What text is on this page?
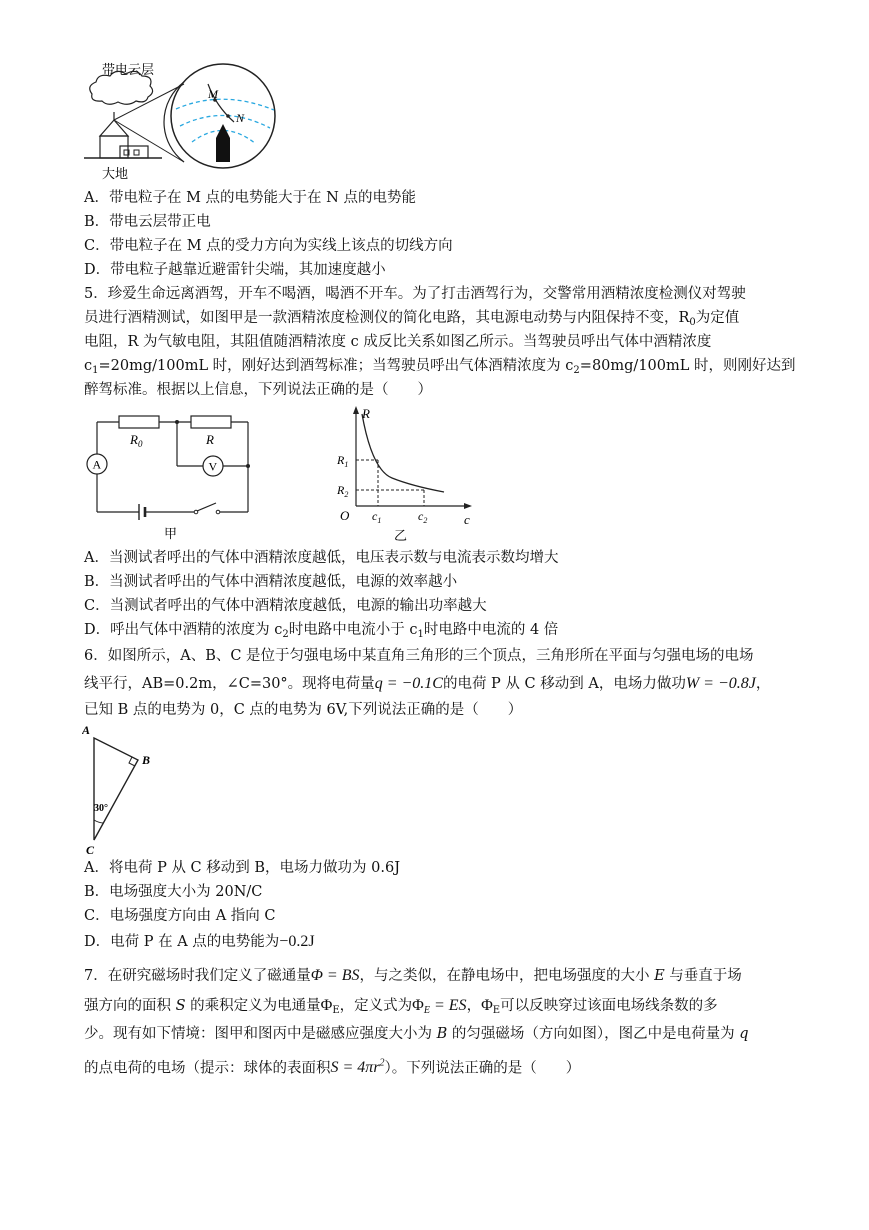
带电云层
大地
M
N
A．带电粒子在 M 点的电势能大于在 N 点的电势能
B．带电云层带正电
C．带电粒子在 M 点的受力方向为实线上该点的切线方向
D．带电粒子越靠近避雷针尖端，其加速度越小
5．珍爱生命远离酒驾，开车不喝酒，喝酒不开车。为了打击酒驾行为，交警常用酒精浓度检测仪对驾驶
员进行酒精测试，如图甲是一款酒精浓度检测仪的简化电路，其电源电动势与内阻保持不变，$R_0$为定值
电阻，R 为气敏电阻，其阻值随酒精浓度 c 成反比关系如图乙所示。当驾驶员呼出气体中酒精浓度
$c_1=20mg/100mL$ 时，刚好达到酒驾标准；当驾驶员呼出气体酒精浓度为 $c_2=80mg/100mL$ 时，则刚好达到
醉驾标准。根据以上信息，下列说法正确的是（　　）
$R_0$	R
A	V
甲
R
c
O
$R_1$
$R_2$
$c_1$	$c_2$
乙
A．当测试者呼出的气体中酒精浓度越低，电压表示数与电流表示数均增大
B．当测试者呼出的气体中酒精浓度越低，电源的效率越小
C．当测试者呼出的气体中酒精浓度越低，电源的输出功率越大
D．呼出气体中酒精的浓度为 $c_2$时电路中电流小于 $c_1$时电路中电流的 4 倍
6．如图所示，A、B、C 是位于匀强电场中某直角三角形的三个顶点，三角形所在平面与匀强电场的电场
线平行，AB=0.2m，∠C=30°。现将电荷量q = −0.1C的电荷 P 从 C 移动到 A，电场力做功W = −0.8J，
已知 B 点的电势为 0，C 点的电势为 6V,下列说法正确的是（　　）
A
B
C
30°
A．将电荷 P 从 C 移动到 B，电场力做功为 0.6J
B．电场强度大小为 20N/C
C．电场强度方向由 A 指向 C
D．电荷 P 在 A 点的电势能为−0.2J
7．在研究磁场时我们定义了磁通量Φ = BS，与之类似，在静电场中，把电场强度的大小 E 与垂直于场
强方向的面积 S 的乘积定义为电通量$\Phi_E$，定义式为$\Phi_E$ = ES，$\Phi_E$可以反映穿过该面电场线条数的多
少。现有如下情境：图甲和图丙中是磁感应强度大小为 B 的匀强磁场（方向如图），图乙中是电荷量为 q
的点电荷的电场（提示：球体的表面积$S = 4\pi r^2$）。下列说法正确的是（　　）
